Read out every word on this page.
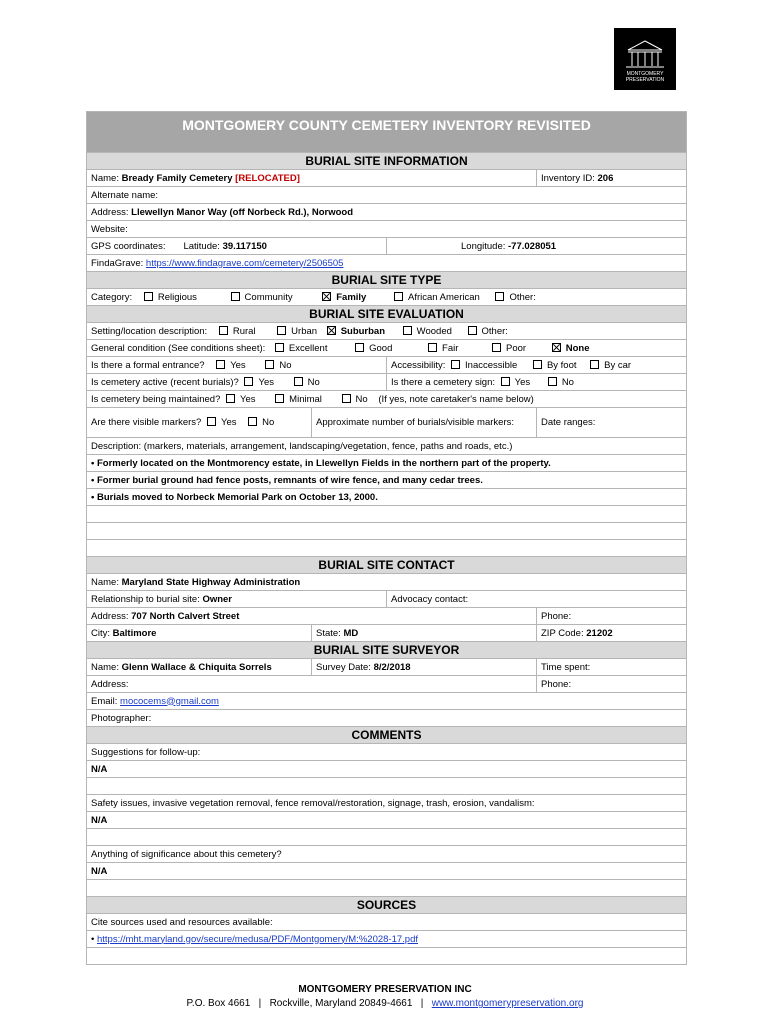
MONTGOMERY
PRESERVATION
MONTGOMERY COUNTY CEMETERY INVENTORY REVISITED			
BURIAL SITE INFORMATION			
Name: Bready Family Cemetery [RELOCATED]			Inventory ID: 206
Alternate name:			
Address: Llewellyn Manor Way (off Norbeck Rd.), Norwood			
Website:			
GPS coordinates: Latitude: 39.117150		Longitude: -77.028051	
FindaGrave: https://www.findagrave.com/cemetery/2506505			
BURIAL SITE TYPE			
Category: Religious Community Family African American Other:			
BURIAL SITE EVALUATION			
Setting/location description: Rural Urban Suburban Wooded Other:			
General condition (See conditions sheet): Excellent Good Fair Poor None			
Is there a formal entrance? Yes No		Accessibility: Inaccessible By foot By car	
Is cemetery active (recent burials)? Yes No		Is there a cemetery sign: Yes No	
Is cemetery being maintained? Yes Minimal No (If yes, note caretaker's name below)			
Are there visible markers? Yes No	Approximate number of burials/visible markers:		Date ranges:
Description: (markers, materials, arrangement, landscaping/vegetation, fence, paths and roads, etc.)			
• Formerly located on the Montmorency estate, in Llewellyn Fields in the northern part of the property.			
• Former burial ground had fence posts, remnants of wire fence, and many cedar trees.			
• Burials moved to Norbeck Memorial Park on October 13, 2000.			

BURIAL SITE CONTACT			
Name: Maryland State Highway Administration			
Relationship to burial site: Owner		Advocacy contact:	
Address: 707 North Calvert Street			Phone:
City: Baltimore	State: MD		ZIP Code: 21202
BURIAL SITE SURVEYOR			
Name: Glenn Wallace & Chiquita Sorrels	Survey Date: 8/2/2018		Time spent:
Address:			Phone:
Email: mococems@gmail.com			
Photographer:			
COMMENTS			
Suggestions for follow-up:			
N/A			

Safety issues, invasive vegetation removal, fence removal/restoration, signage, trash, erosion, vandalism:			
N/A			

Anything of significance about this cemetery?			
N/A			

SOURCES			
Cite sources used and resources available:			
• https://mht.maryland.gov/secure/medusa/PDF/Montgomery/M:%2028-17.pdf			

MONTGOMERY PRESERVATION INC
P.O. Box 4661 | Rockville, Maryland 20849-4661 | www.montgomerypreservation.org
